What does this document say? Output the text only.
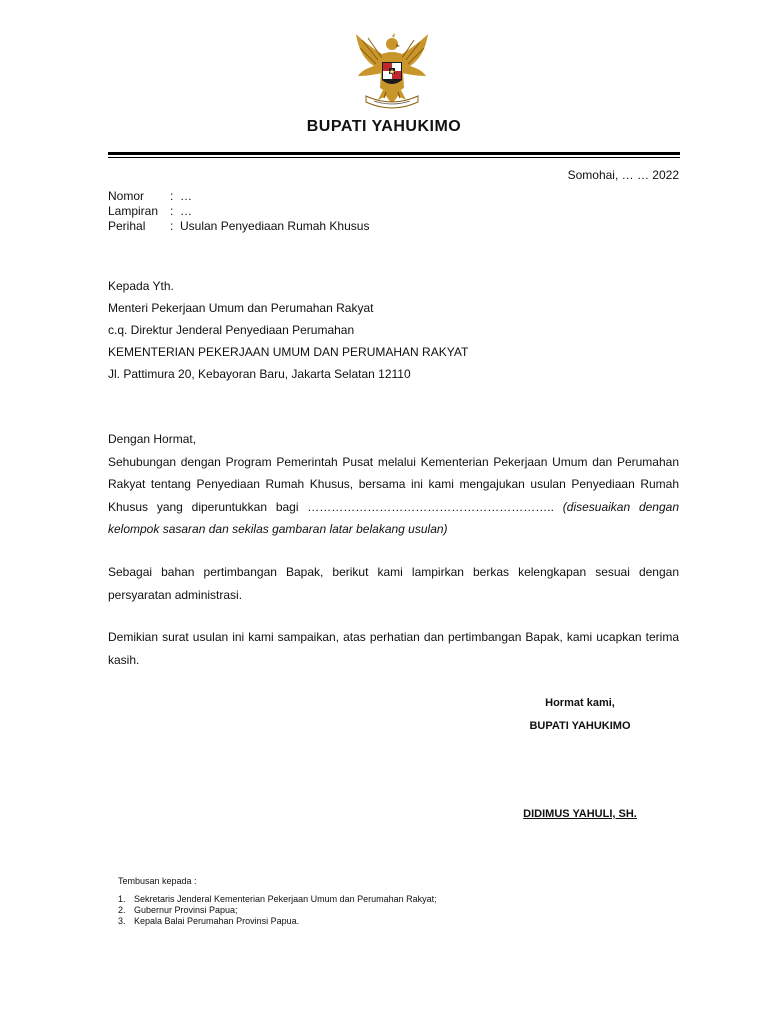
BUPATI YAHUKIMO
Somohai, … … 2022
Nomor	: …
Lampiran : …
Perihal	: Usulan Penyediaan Rumah Khusus

Kepada Yth.

Menteri Pekerjaan Umum dan Perumahan Rakyat

c.q. Direktur Jenderal Penyediaan Perumahan

KEMENTERIAN PEKERJAAN UMUM DAN PERUMAHAN RAKYAT

Jl. Pattimura 20, Kebayoran Baru, Jakarta Selatan 12110

Dengan Hormat,

Sehubungan dengan Program Pemerintah Pusat melalui Kementerian Pekerjaan Umum dan Perumahan Rakyat tentang Penyediaan Rumah Khusus, bersama ini kami mengajukan usulan Penyediaan Rumah Khusus yang diperuntukkan bagi …………………………………………………….. (disesuaikan dengan kelompok sasaran dan sekilas gambaran latar belakang usulan)

Sebagai bahan pertimbangan Bapak, berikut kami lampirkan berkas kelengkapan sesuai dengan persyaratan administrasi.

Demikian surat usulan ini kami sampaikan, atas perhatian dan pertimbangan Bapak, kami ucapkan terima kasih.

Hormat kami,
BUPATI YAHUKIMO
DIDIMUS YAHULI, SH.
Tembusan kepada :
1. Sekretaris Jenderal Kementerian Pekerjaan Umum dan Perumahan Rakyat;
2. Gubernur Provinsi Papua;
3. Kepala Balai Perumahan Provinsi Papua.
